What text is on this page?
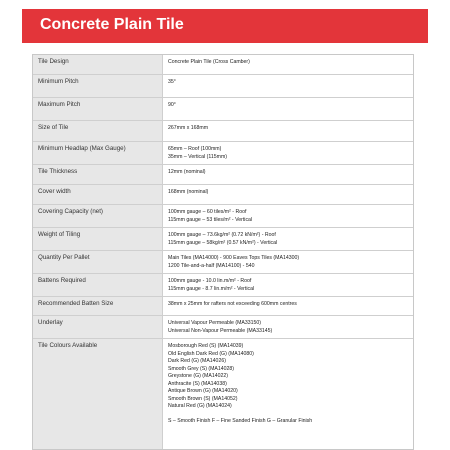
Concrete Plain Tile
Tile Design	Concrete Plain Tile (Cross Camber)
Minimum Pitch	35°
Maximum Pitch	90°
Size of Tile	267mm x 168mm
Minimum Headlap (Max Gauge)	65mm – Roof (100mm)
35mm – Vertical (115mm)
Tile Thickness	12mm (nominal)
Cover width	168mm (nominal)
Covering Capacity (net)	100mm gauge – 60 tiles/m² - Roof
115mm gauge – 53 tiles/m² - Vertical
Weight of Tiling	100mm gauge – 73.6kg/m² (0.72 kN/m²) - Roof
115mm gauge – 58kg/m² (0.57 kN/m²) - Vertical
Quantity Per Pallet	Main Tiles (MA14000) - 900 Eaves Tops Tiles (MA14300)
1200 Tile-and-a-half (MA14100) - 540
Battens Required	100mm gauge - 10.0 lin.m/m² - Roof
115mm gauge - 8.7 lin.m/m² - Vertical
Recommended Batten Size	38mm x 25mm for rafters not exceeding 600mm centres
Underlay	Universal Vapour Permeable (MA33150)
Universal Non-Vapour Permeable (MA33145)
Tile Colours Available	Mosborough Red (S) (MA14039)
Old English Dark Red (G) (MA14080)
Dark Red (G) (MA14026)
Smooth Grey (S) (MA14028)
Greystone (G) (MA14022)
Anthracite (S) (MA14038)
Antique Brown (G) (MA14020)
Smooth Brown (S) (MA14052)
Natural Red (G) (MA14024)
S – Smooth Finish F – Fine Sanded Finish G – Granular Finish
